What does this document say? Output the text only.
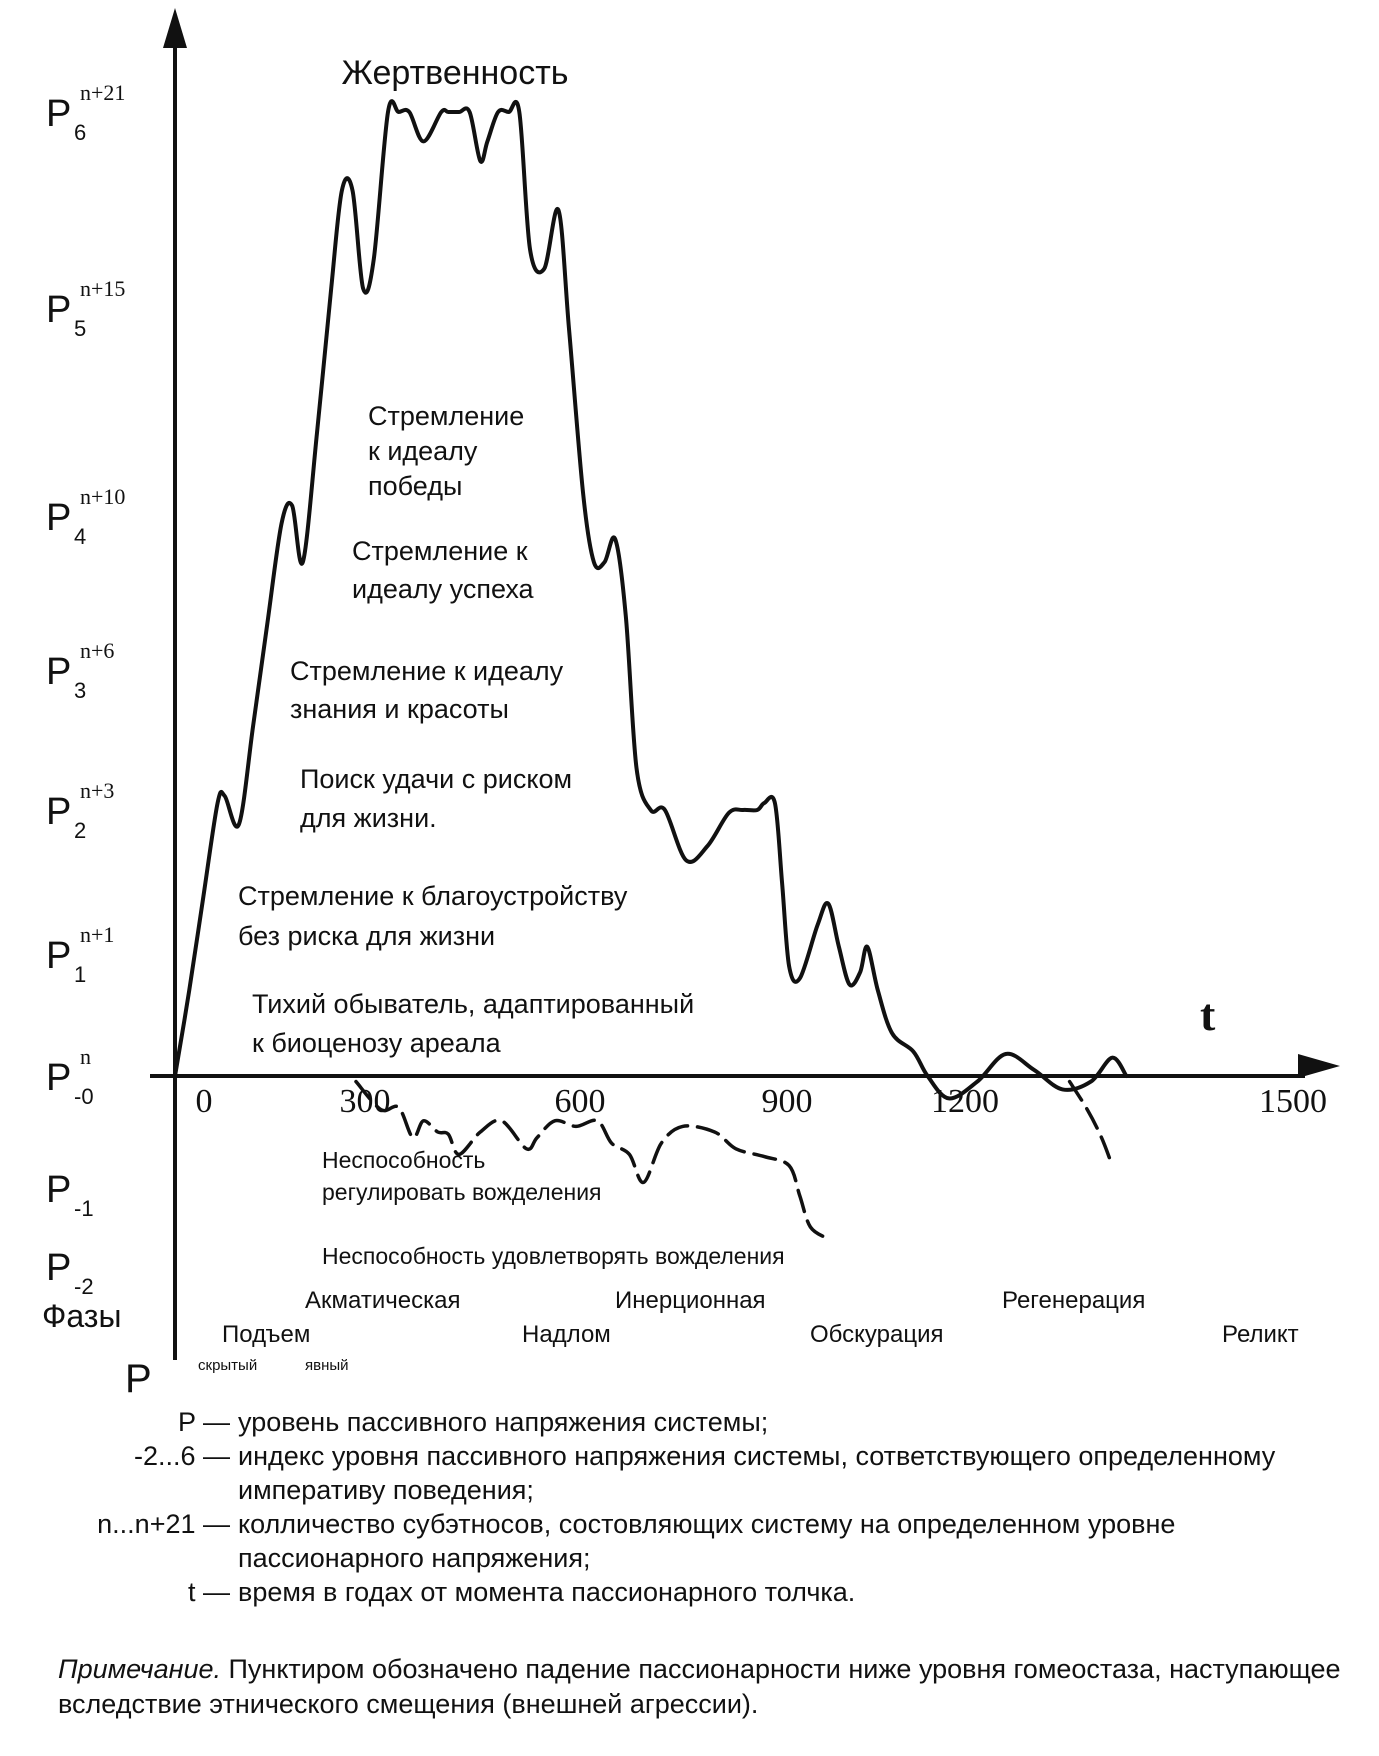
P 6
n+21
P 5
n+15
P 4
n+10
P 3
n+6
P 2
n+3
P 1
n+1
P -0
n
P -1
P -2
0	300	600	900	1200	1500
Жертвенность
t
P
Фазы
Стремление к идеалу победы
Стремление к идеалу успеха
Стремление к идеалу знания и красоты
Поиск удачи с риском для жизни.
Стремление к благоустройству без риска для жизни
Тихий обыватель, адаптированный к биоценозу ареала
Неспособность регулировать вожделения
Неспособность удовлетворять вожделения
Подъем
Акматическая
Надлом
Инерционная
Обскурация
Регенерация
Реликт
скрытый	явный
P — уровень пассивного напряжения системы;
-2...6 — индекс уровня пассивного напряжения системы, сответствующего определенному императиву поведения;
n...n+21 — колличество субэтносов, состовляющих систему на определенном уровне пассионарного напряжения;
t — время в годах от момента пассионарного толчка.
Примечание. Пунктиром обозначено падение пассионарности ниже уровня гомеостаза, наступающее вследствие этнического смещения (внешней агрессии).
